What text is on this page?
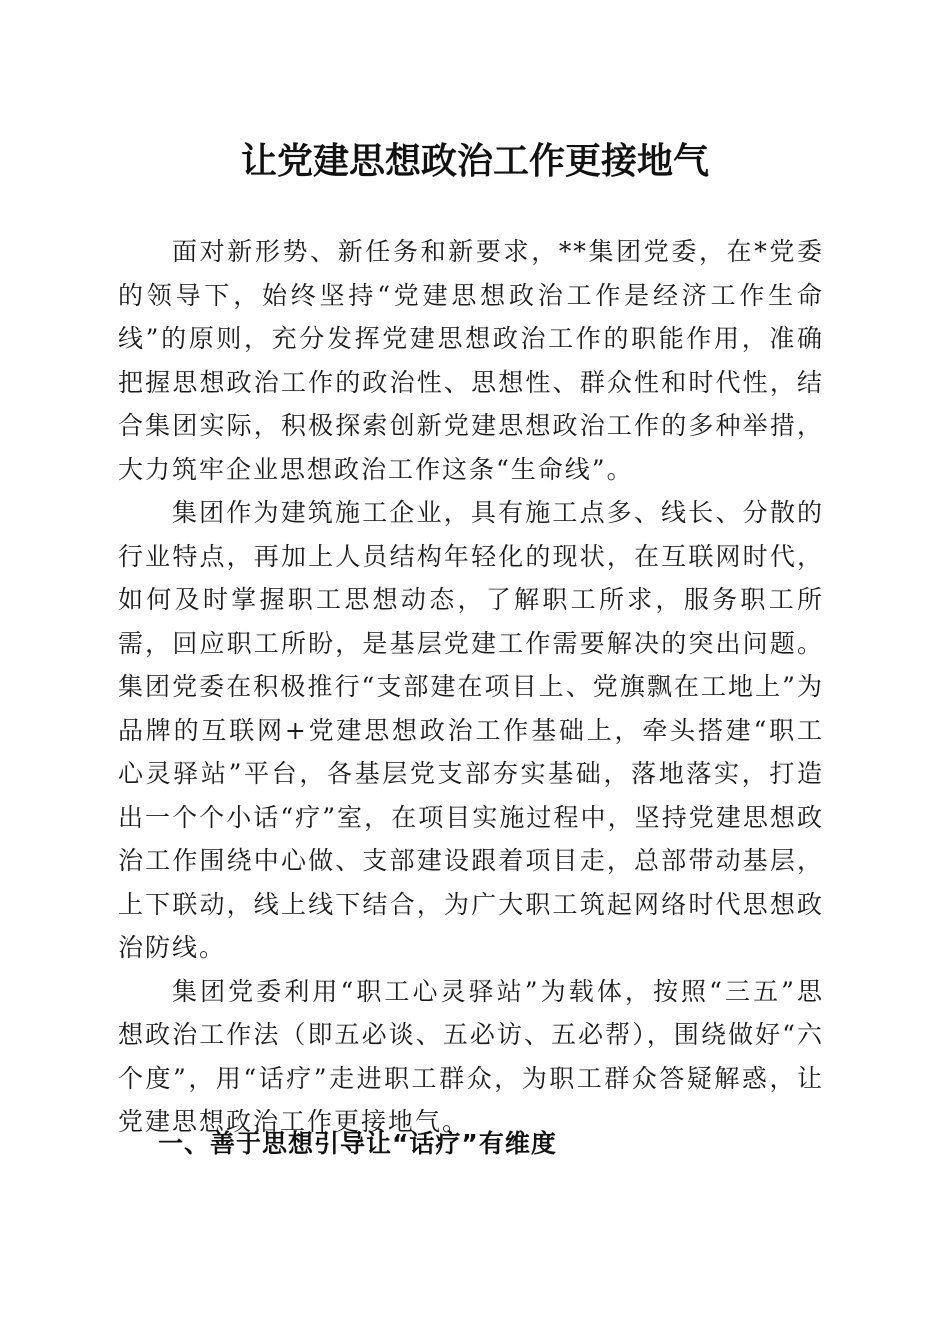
让党建思想政治工作更接地气

面对新形势、新任务和新要求，**集团党委，在*党委的领导下，始终坚持“党建思想政治工作是经济工作生命线”的原则，充分发挥党建思想政治工作的职能作用，准确把握思想政治工作的政治性、思想性、群众性和时代性，结合集团实际，积极探索创新党建思想政治工作的多种举措，大力筑牢企业思想政治工作这条“生命线”。

集团作为建筑施工企业，具有施工点多、线长、分散的行业特点，再加上人员结构年轻化的现状，在互联网时代，如何及时掌握职工思想动态，了解职工所求，服务职工所需，回应职工所盼，是基层党建工作需要解决的突出问题。集团党委在积极推行“支部建在项目上、党旗飘在工地上”为品牌的互联网+党建思想政治工作基础上，牵头搭建“职工心灵驿站”平台，各基层党支部夯实基础，落地落实，打造出一个个小话“疗”室，在项目实施过程中，坚持党建思想政治工作围绕中心做、支部建设跟着项目走，总部带动基层，上下联动，线上线下结合，为广大职工筑起网络时代思想政治防线。

集团党委利用“职工心灵驿站”为载体，按照“三五”思想政治工作法（即五必谈、五必访、五必帮），围绕做好“六个度”，用“话疗”走进职工群众，为职工群众答疑解惑，让党建思想政治工作更接地气。

一、善于思想引导让“话疗”有维度
